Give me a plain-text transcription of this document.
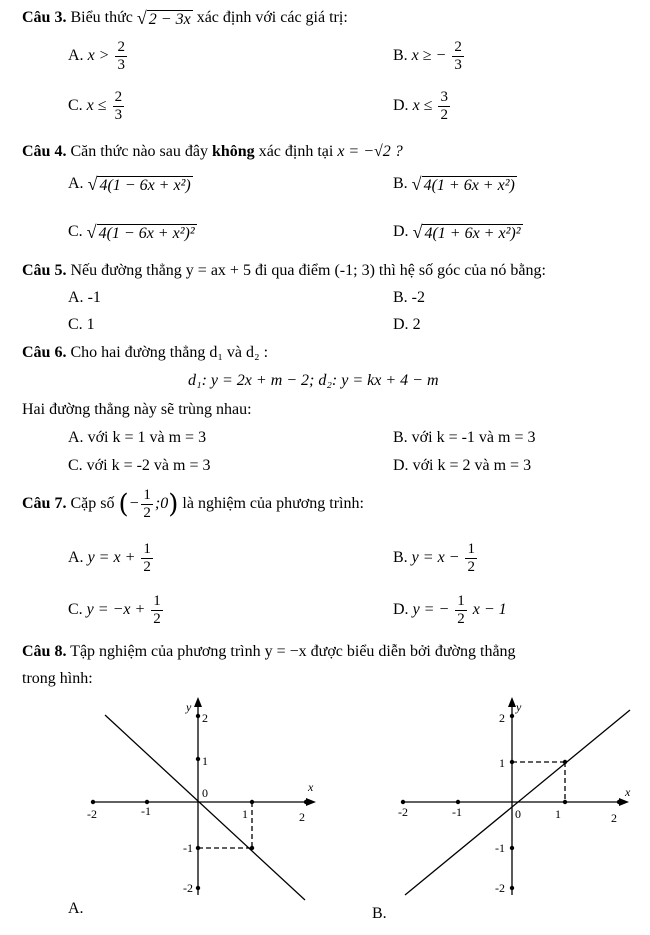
Câu 3. Biểu thức √ 2 − 3x xác định với các giá trị:
A. $x > \frac{2}{3}$	B. x ≥ − $\frac{2}{3}$
C. $x \le \frac{2}{3}$	D. $x \le \frac{3}{2}$
Câu 4. Căn thức nào sau đây không xác định tại x = −√2 ?
A. √ 4(1 − 6x + x²)	B. √ 4(1 + 6x + x²)
C. √ 4(1 − 6x + x²)²	D. √ 4(1 + 6x + x²)²
Câu 5. Nếu đường thẳng y = ax + 5 đi qua điểm (-1; 3) thì hệ số góc của nó bằng:
A. -1	B. -2
C. 1	D. 2
Câu 6. Cho hai đường thẳng d₁ và d₂ :
d₁: y = 2x + m − 2; d₂: y = kx + 4 − m
Hai đường thẳng này sẽ trùng nhau:
A. với k = 1 và m = 3	B. với k = -1 và m = 3
C. với k = -2 và m = 3	D. với k = 2 và m = 3
Câu 7. Cặp số (− $\frac{1}{2}$ ;0) là nghiệm của phương trình:
A. $y = x + \frac{1}{2}$	B. $y = x - \frac{1}{2}$
C. $y = -x + \frac{1}{2}$	D. y = − $\frac{1}{2}$ x − 1
Câu 8. Tập nghiệm của phương trình y = −x được biểu diễn bởi đường thẳng
trong hình:
y
x
2
1
0
-1
-2
-2	-1	1	2
A.
y
x
2
1
0
-1
-2
-2	-1	1	2
B.
